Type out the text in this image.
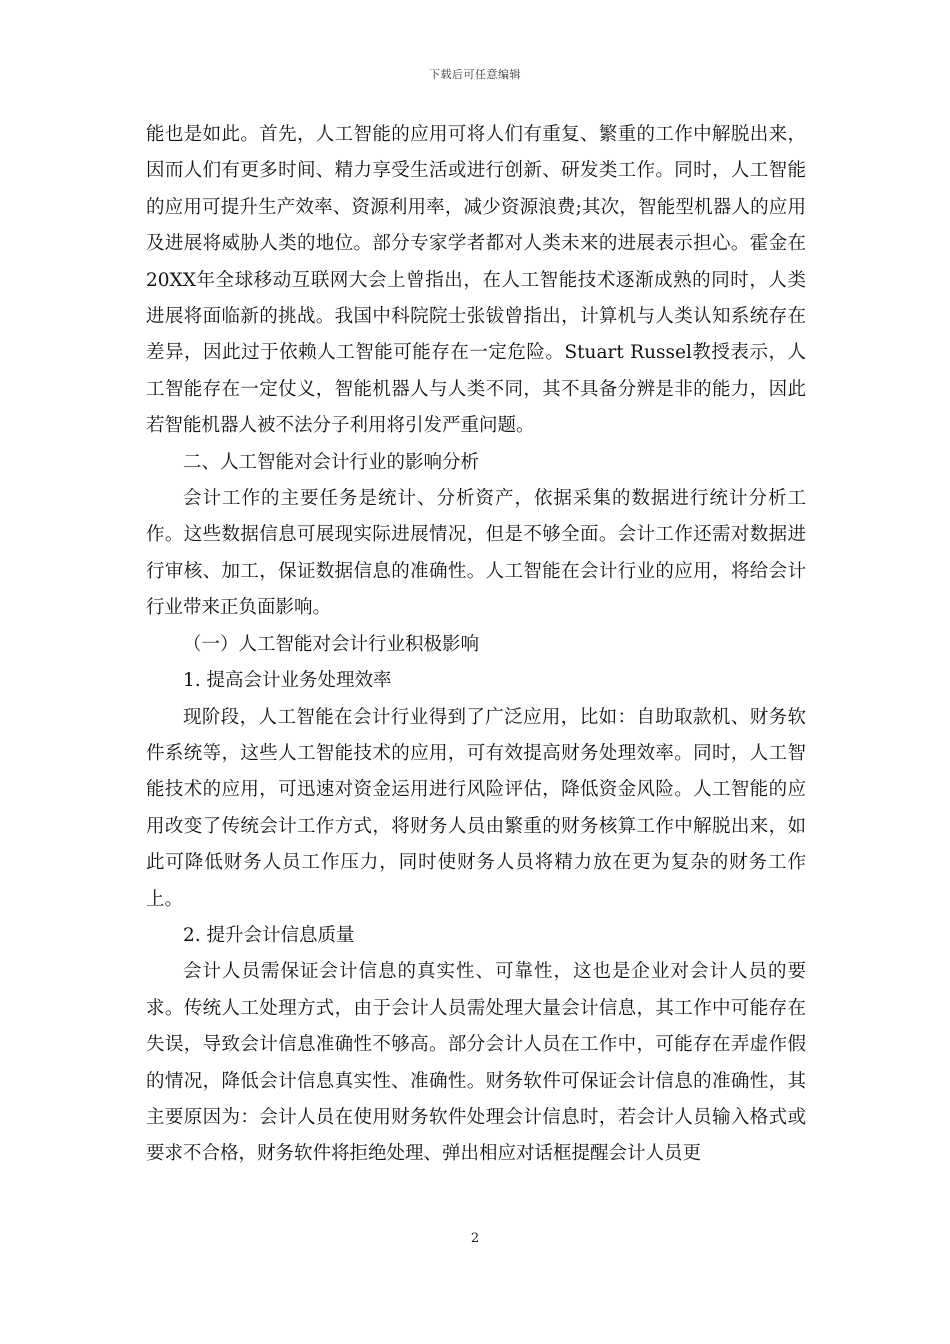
下载后可任意编辑

能也是如此。首先，人工智能的应用可将人们有重复、繁重的工作中解脱出来，因而人们有更多时间、精力享受生活或进行创新、研发类工作。同时，人工智能的应用可提升生产效率、资源利用率，减少资源浪费;其次，智能型机器人的应用及进展将威胁人类的地位。部分专家学者都对人类未来的进展表示担心。霍金在20XX年全球移动互联网大会上曾指出，在人工智能技术逐渐成熟的同时，人类进展将面临新的挑战。我国中科院院士张钹曾指出，计算机与人类认知系统存在差异，因此过于依赖人工智能可能存在一定危险。Stuart Russel教授表示，人工智能存在一定仗义，智能机器人与人类不同，其不具备分辨是非的能力，因此若智能机器人被不法分子利用将引发严重问题。

二、人工智能对会计行业的影响分析

会计工作的主要任务是统计、分析资产，依据采集的数据进行统计分析工作。这些数据信息可展现实际进展情况，但是不够全面。会计工作还需对数据进行审核、加工，保证数据信息的准确性。人工智能在会计行业的应用，将给会计行业带来正负面影响。

（一）人工智能对会计行业积极影响

1. 提高会计业务处理效率

现阶段，人工智能在会计行业得到了广泛应用，比如：自助取款机、财务软件系统等，这些人工智能技术的应用，可有效提高财务处理效率。同时，人工智能技术的应用，可迅速对资金运用进行风险评估，降低资金风险。人工智能的应用改变了传统会计工作方式，将财务人员由繁重的财务核算工作中解脱出来，如此可降低财务人员工作压力，同时使财务人员将精力放在更为复杂的财务工作上。

2. 提升会计信息质量

会计人员需保证会计信息的真实性、可靠性，这也是企业对会计人员的要求。传统人工处理方式，由于会计人员需处理大量会计信息，其工作中可能存在失误，导致会计信息准确性不够高。部分会计人员在工作中，可能存在弄虚作假的情况，降低会计信息真实性、准确性。财务软件可保证会计信息的准确性，其主要原因为：会计人员在使用财务软件处理会计信息时，若会计人员输入格式或要求不合格，财务软件将拒绝处理、弹出相应对话框提醒会计人员更

2
